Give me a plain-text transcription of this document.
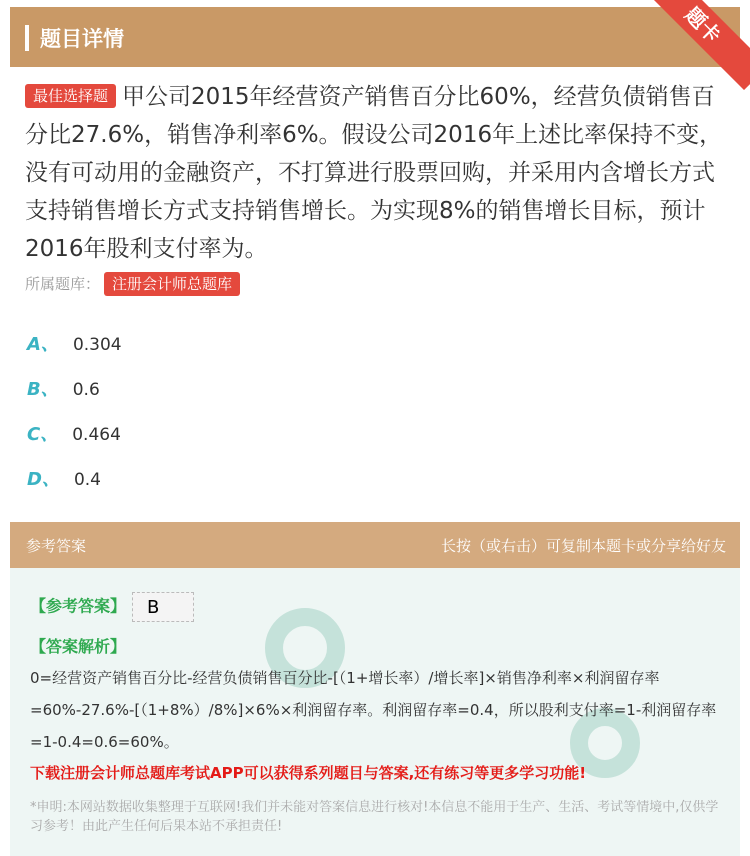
题目详情	题卡
最佳选择题 甲公司2015年经营资产销售百分比60%，经营负债销售百分比27.6%，销售净利率6%。假设公司2016年上述比率保持不变，没有可动用的金融资产，不打算进行股票回购，并采用内含增长方式支持销售增长方式支持销售增长。为实现8%的销售增长目标，预计2016年股利支付率为。
所属题库： 注册会计师总题库
A、 0.304
B、 0.6
C、 0.464
D、 0.4
参考答案	长按（或右击）可复制本题卡或分享给好友
【参考答案】 B
【答案解析】
0=经营资产销售百分比-经营负债销售百分比-[（1+增长率）/增长率]×销售净利率×利润留存率=60%-27.6%-[（1+8%）/8%]×6%×利润留存率。利润留存率=0.4，所以股利支付率=1-利润留存率=1-0.4=0.6=60%。
下载注册会计师总题库考试APP可以获得系列题目与答案,还有练习等更多学习功能!
*申明:本网站数据收集整理于互联网!我们并未能对答案信息进行核对!本信息不能用于生产、生活、考试等情境中,仅供学习参考！由此产生任何后果本站不承担责任!
